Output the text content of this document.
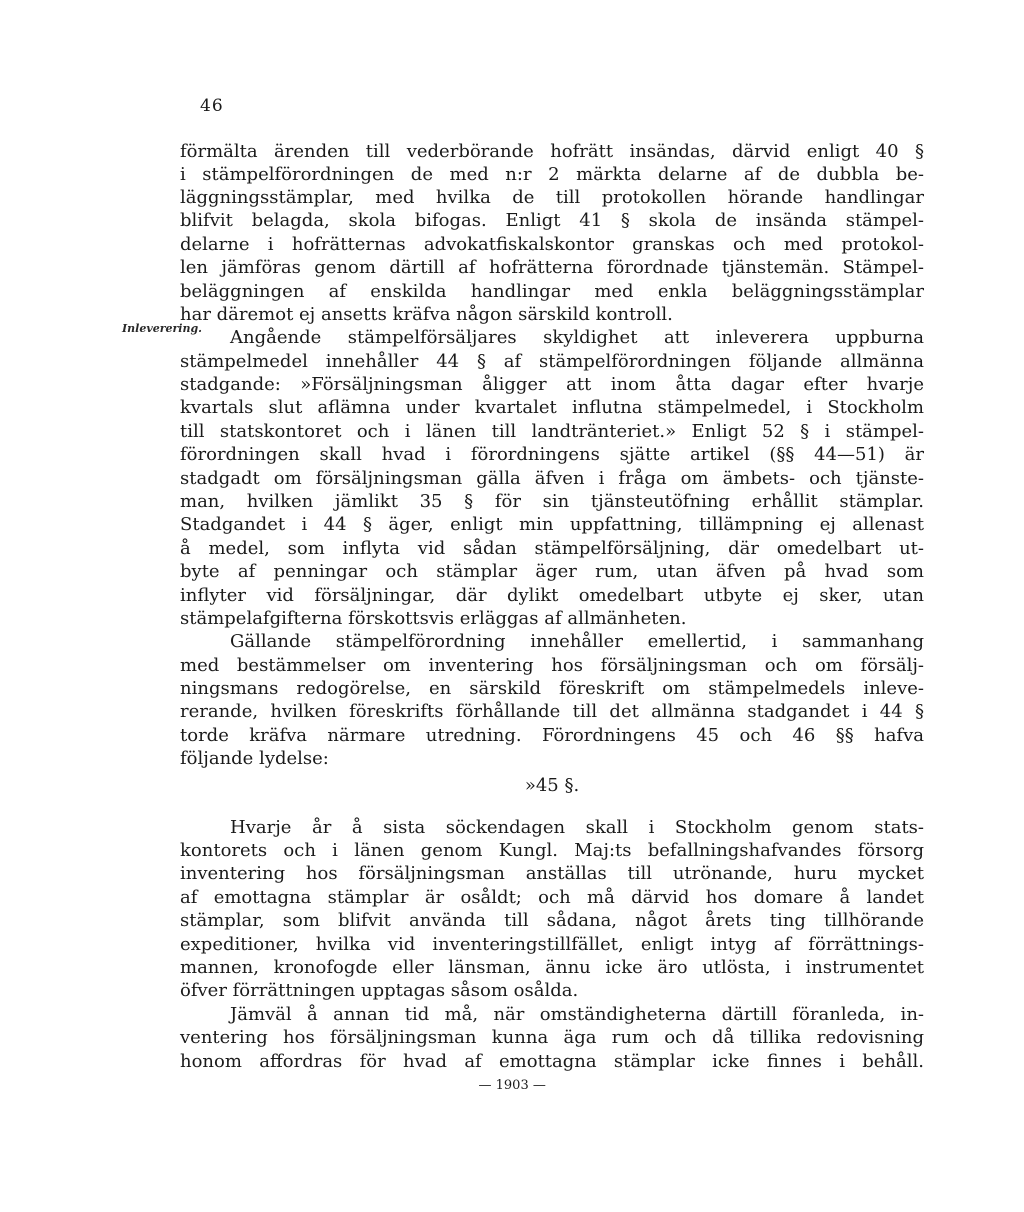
46
Inleverering.
förmälta ärenden till vederbörande hofrätt insändas, därvid enligt 40 §
i stämpelförordningen de med n:r 2 märkta delarne af de dubbla be-
läggningsstämplar, med hvilka de till protokollen hörande handlingar
blifvit belagda, skola bifogas. Enligt 41 § skola de insända stämpel-
delarne i hofrätternas advokatfiskalskontor granskas och med protokol-
len jämföras genom därtill af hofrätterna förordnade tjänstemän. Stämpel-
beläggningen af enskilda handlingar med enkla beläggningsstämplar
har däremot ej ansetts kräfva någon särskild kontroll.
Angående stämpelförsäljares skyldighet att inleverera uppburna
stämpelmedel innehåller 44 § af stämpelförordningen följande allmänna
stadgande: »Försäljningsman åligger att inom åtta dagar efter hvarje
kvartals slut aflämna under kvartalet influtna stämpelmedel, i Stockholm
till statskontoret och i länen till landtränteriet.» Enligt 52 § i stämpel-
förordningen skall hvad i förordningens sjätte artikel (§§ 44—51) är
stadgadt om försäljningsman gälla äfven i fråga om ämbets- och tjänste-
man, hvilken jämlikt 35 § för sin tjänsteutöfning erhållit stämplar.
Stadgandet i 44 § äger, enligt min uppfattning, tillämpning ej allenast
å medel, som inflyta vid sådan stämpelförsäljning, där omedelbart ut-
byte af penningar och stämplar äger rum, utan äfven på hvad som
inflyter vid försäljningar, där dylikt omedelbart utbyte ej sker, utan
stämpelafgifterna förskottsvis erläggas af allmänheten.
Gällande stämpelförordning innehåller emellertid, i sammanhang
med bestämmelser om inventering hos försäljningsman och om försälj-
ningsmans redogörelse, en särskild föreskrift om stämpelmedels inleve-
rerande, hvilken föreskrifts förhållande till det allmänna stadgandet i 44 §
torde kräfva närmare utredning. Förordningens 45 och 46 §§ hafva
följande lydelse:
»45 §.
Hvarje år å sista söckendagen skall i Stockholm genom stats-
kontorets och i länen genom Kungl. Maj:ts befallningshafvandes försorg
inventering hos försäljningsman anställas till utrönande, huru mycket
af emottagna stämplar är osåldt; och må därvid hos domare å landet
stämplar, som blifvit använda till sådana, något årets ting tillhörande
expeditioner, hvilka vid inventeringstillfället, enligt intyg af förrättnings-
mannen, kronofogde eller länsman, ännu icke äro utlösta, i instrumentet
öfver förrättningen upptagas såsom osålda.
Jämväl å annan tid må, när omständigheterna därtill föranleda, in-
ventering hos försäljningsman kunna äga rum och då tillika redovisning
honom affordras för hvad af emottagna stämplar icke finnes i behåll.
— 1903 —
